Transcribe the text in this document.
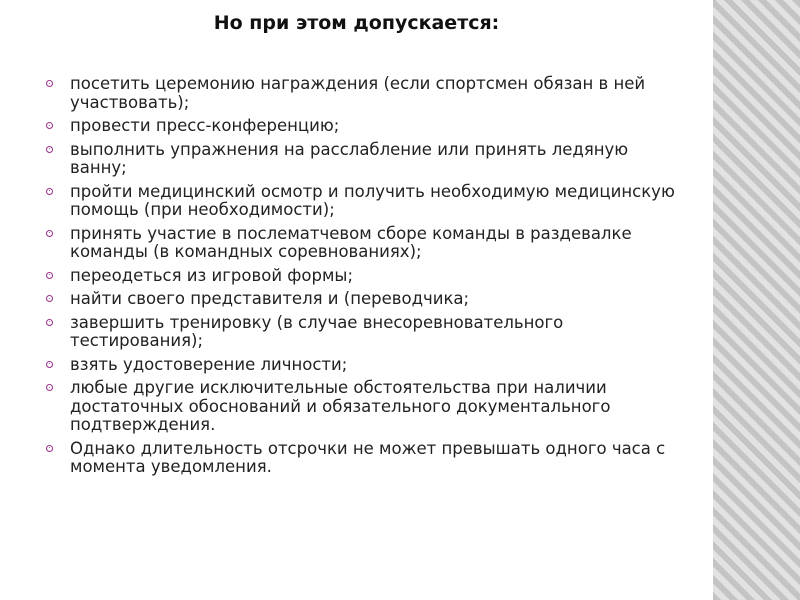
Но при этом допускается:
посетить церемонию награждения (если спортсмен обязан в ней участвовать);
провести пресс-конференцию;
выполнить упражнения на расслабление или принять ледяную ванну;
пройти медицинский осмотр и получить необходимую медицинскую помощь (при необходимости);
принять участие в послематчевом сборе команды в раздевалке команды (в командных соревнованиях);
переодеться из игровой формы;
найти своего представителя и (переводчика;
завершить тренировку (в случае внесоревновательного тестирования);
взять удостоверение личности;
любые другие исключительные обстоятельства при наличии достаточных обоснований и обязательного документального подтверждения.
Однако длительность отсрочки не может превышать одного часа с момента уведомления.
